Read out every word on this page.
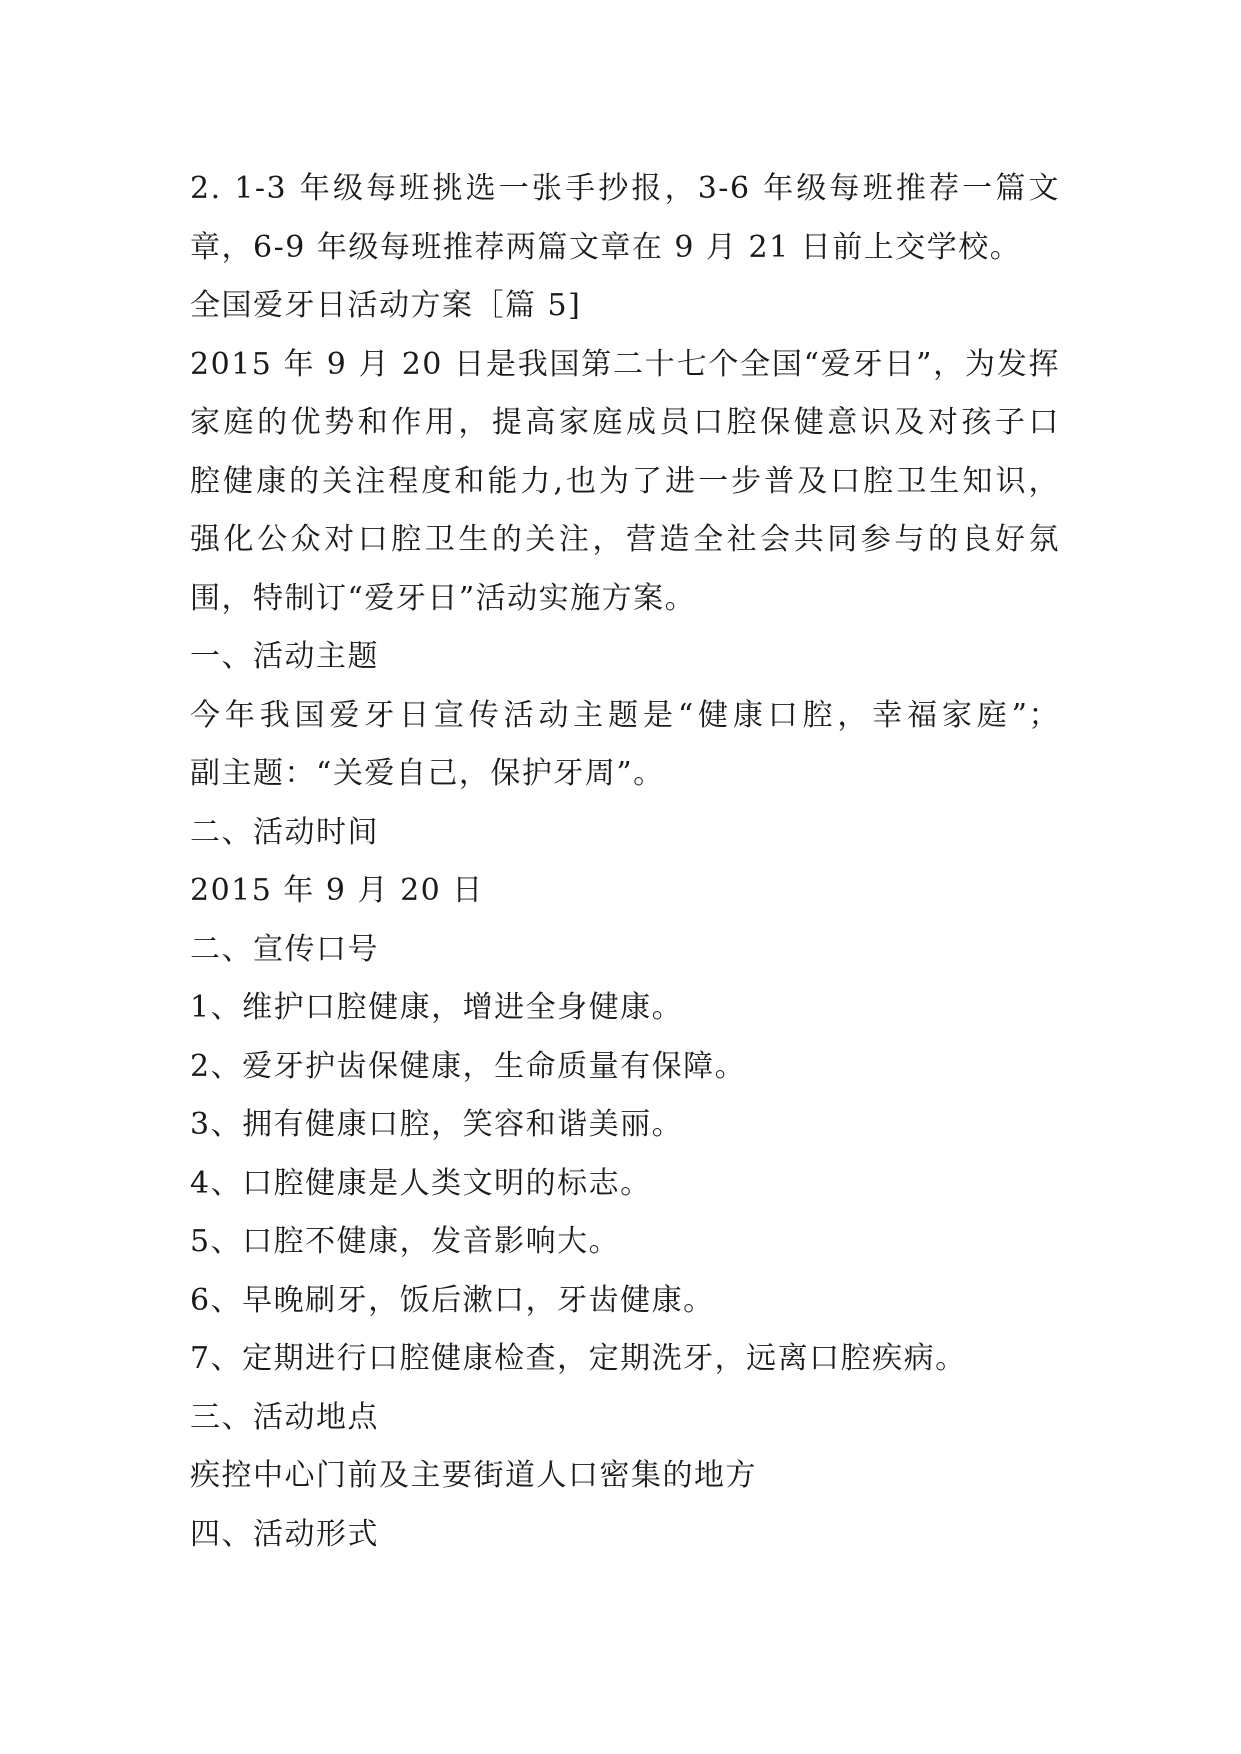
2. 1-3 年级每班挑选一张手抄报，3-6 年级每班推荐一篇文
章，6-9 年级每班推荐两篇文章在 9 月 21 日前上交学校。
全国爱牙日活动方案［篇 5]
2015 年 9 月 20 日是我国第二十七个全国“爱牙日”，为发挥
家庭的优势和作用，提高家庭成员口腔保健意识及对孩子口
腔健康的关注程度和能力,也为了进一步普及口腔卫生知识，
强化公众对口腔卫生的关注，营造全社会共同参与的良好氛
围，特制订“爱牙日”活动实施方案。
一、活动主题
今年我国爱牙日宣传活动主题是“健康口腔，幸福家庭”；
副主题：“关爱自己，保护牙周”。
二、活动时间
2015 年 9 月 20 日
二、宣传口号
1、维护口腔健康，增进全身健康。
2、爱牙护齿保健康，生命质量有保障。
3、拥有健康口腔，笑容和谐美丽。
4、口腔健康是人类文明的标志。
5、口腔不健康，发音影响大。
6、早晚刷牙，饭后漱口，牙齿健康。
7、定期进行口腔健康检查，定期洗牙，远离口腔疾病。
三、活动地点
疾控中心门前及主要街道人口密集的地方
四、活动形式
